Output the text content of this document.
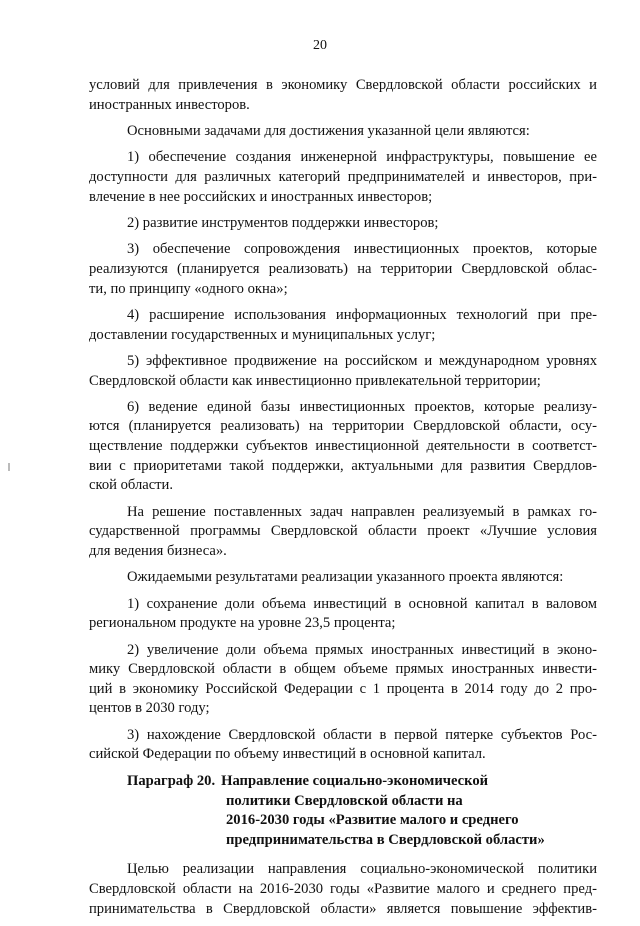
20
условий для привлечения в экономику Свердловской области российских и
иностранных инвесторов.
Основными задачами для достижения указанной цели являются:
1) обеспечение создания инженерной инфраструктуры, повышение ее
доступности для различных категорий предпринимателей и инвесторов, при-
влечение в нее российских и иностранных инвесторов;
2) развитие инструментов поддержки инвесторов;
3) обеспечение сопровождения инвестиционных проектов, которые
реализуются (планируется реализовать) на территории Свердловской облас-
ти, по принципу «одного окна»;
4) расширение использования информационных технологий при пре-
доставлении государственных и муниципальных услуг;
5) эффективное продвижение на российском и международном уровнях
Свердловской области как инвестиционно привлекательной территории;
6) ведение единой базы инвестиционных проектов, которые реализу-
ются (планируется реализовать) на территории Свердловской области, осу-
ществление поддержки субъектов инвестиционной деятельности в соответст-
вии с приоритетами такой поддержки, актуальными для развития Свердлов-
ской области.
На решение поставленных задач направлен реализуемый в рамках го-
сударственной программы Свердловской области проект «Лучшие условия
для ведения бизнеса».
Ожидаемыми результатами реализации указанного проекта являются:
1) сохранение доли объема инвестиций в основной капитал в валовом
региональном продукте на уровне 23,5 процента;
2) увеличение доли объема прямых иностранных инвестиций в эконо-
мику Свердловской области в общем объеме прямых иностранных инвести-
ций в экономику Российской Федерации с 1 процента в 2014 году до 2 про-
центов в 2030 году;
3) нахождение Свердловской области в первой пятерке субъектов Рос-
сийской Федерации по объему инвестиций в основной капитал.
Параграф 20. Направление социально-экономической
политики Свердловской области на
2016-2030 годы «Развитие малого и среднего
предпринимательства в Свердловской области»
Целью реализации направления социально-экономической политики
Свердловской области на 2016-2030 годы «Развитие малого и среднего пред-
принимательства в Свердловской области» является повышение эффектив-
